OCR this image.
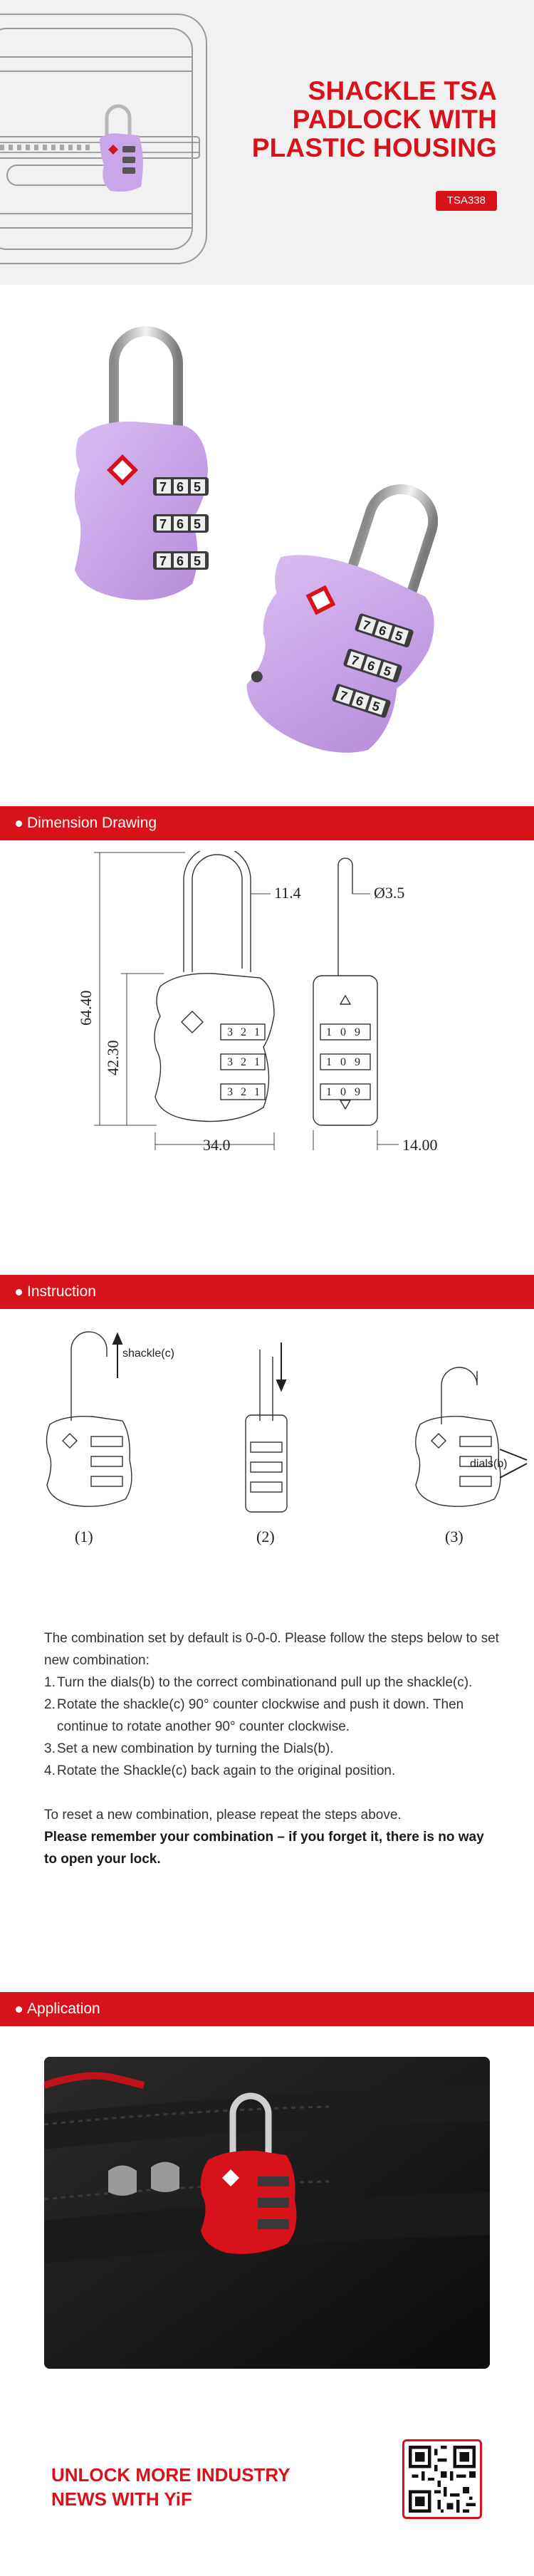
SHACKLE TSA
PADLOCK WITH
PLASTIC HOUSING
TSA338
7 6 5
7 6 5
7 6 5
7 6 5
7 6 5
7 6 5
Dimension Drawing
3 2 1
3 2 1
3 2 1
1 0 9
1 0 9
1 0 9
11.4	Ø3.5
34.0	14.00
64.40
42.30
Instruction
shackle(c)
dials(b)
(1)	(2)	(3)

The combination set by default is 0-0-0. Please follow the steps below to set new combination:

1. Turn the dials(b) to the correct combinationand pull up the shackle(c).
2. Rotate the shackle(c) 90° counter clockwise and push it down. Then continue to rotate another 90° counter clockwise.
3. Set a new combination by turning the Dials(b).
4. Rotate the Shackle(c) back again to the original position.

To reset a new combination, please repeat the steps above.

Please remember your combination – if you forget it, there is no way to open your lock.

Application
UNLOCK MORE INDUSTRY
NEWS WITH YiF
